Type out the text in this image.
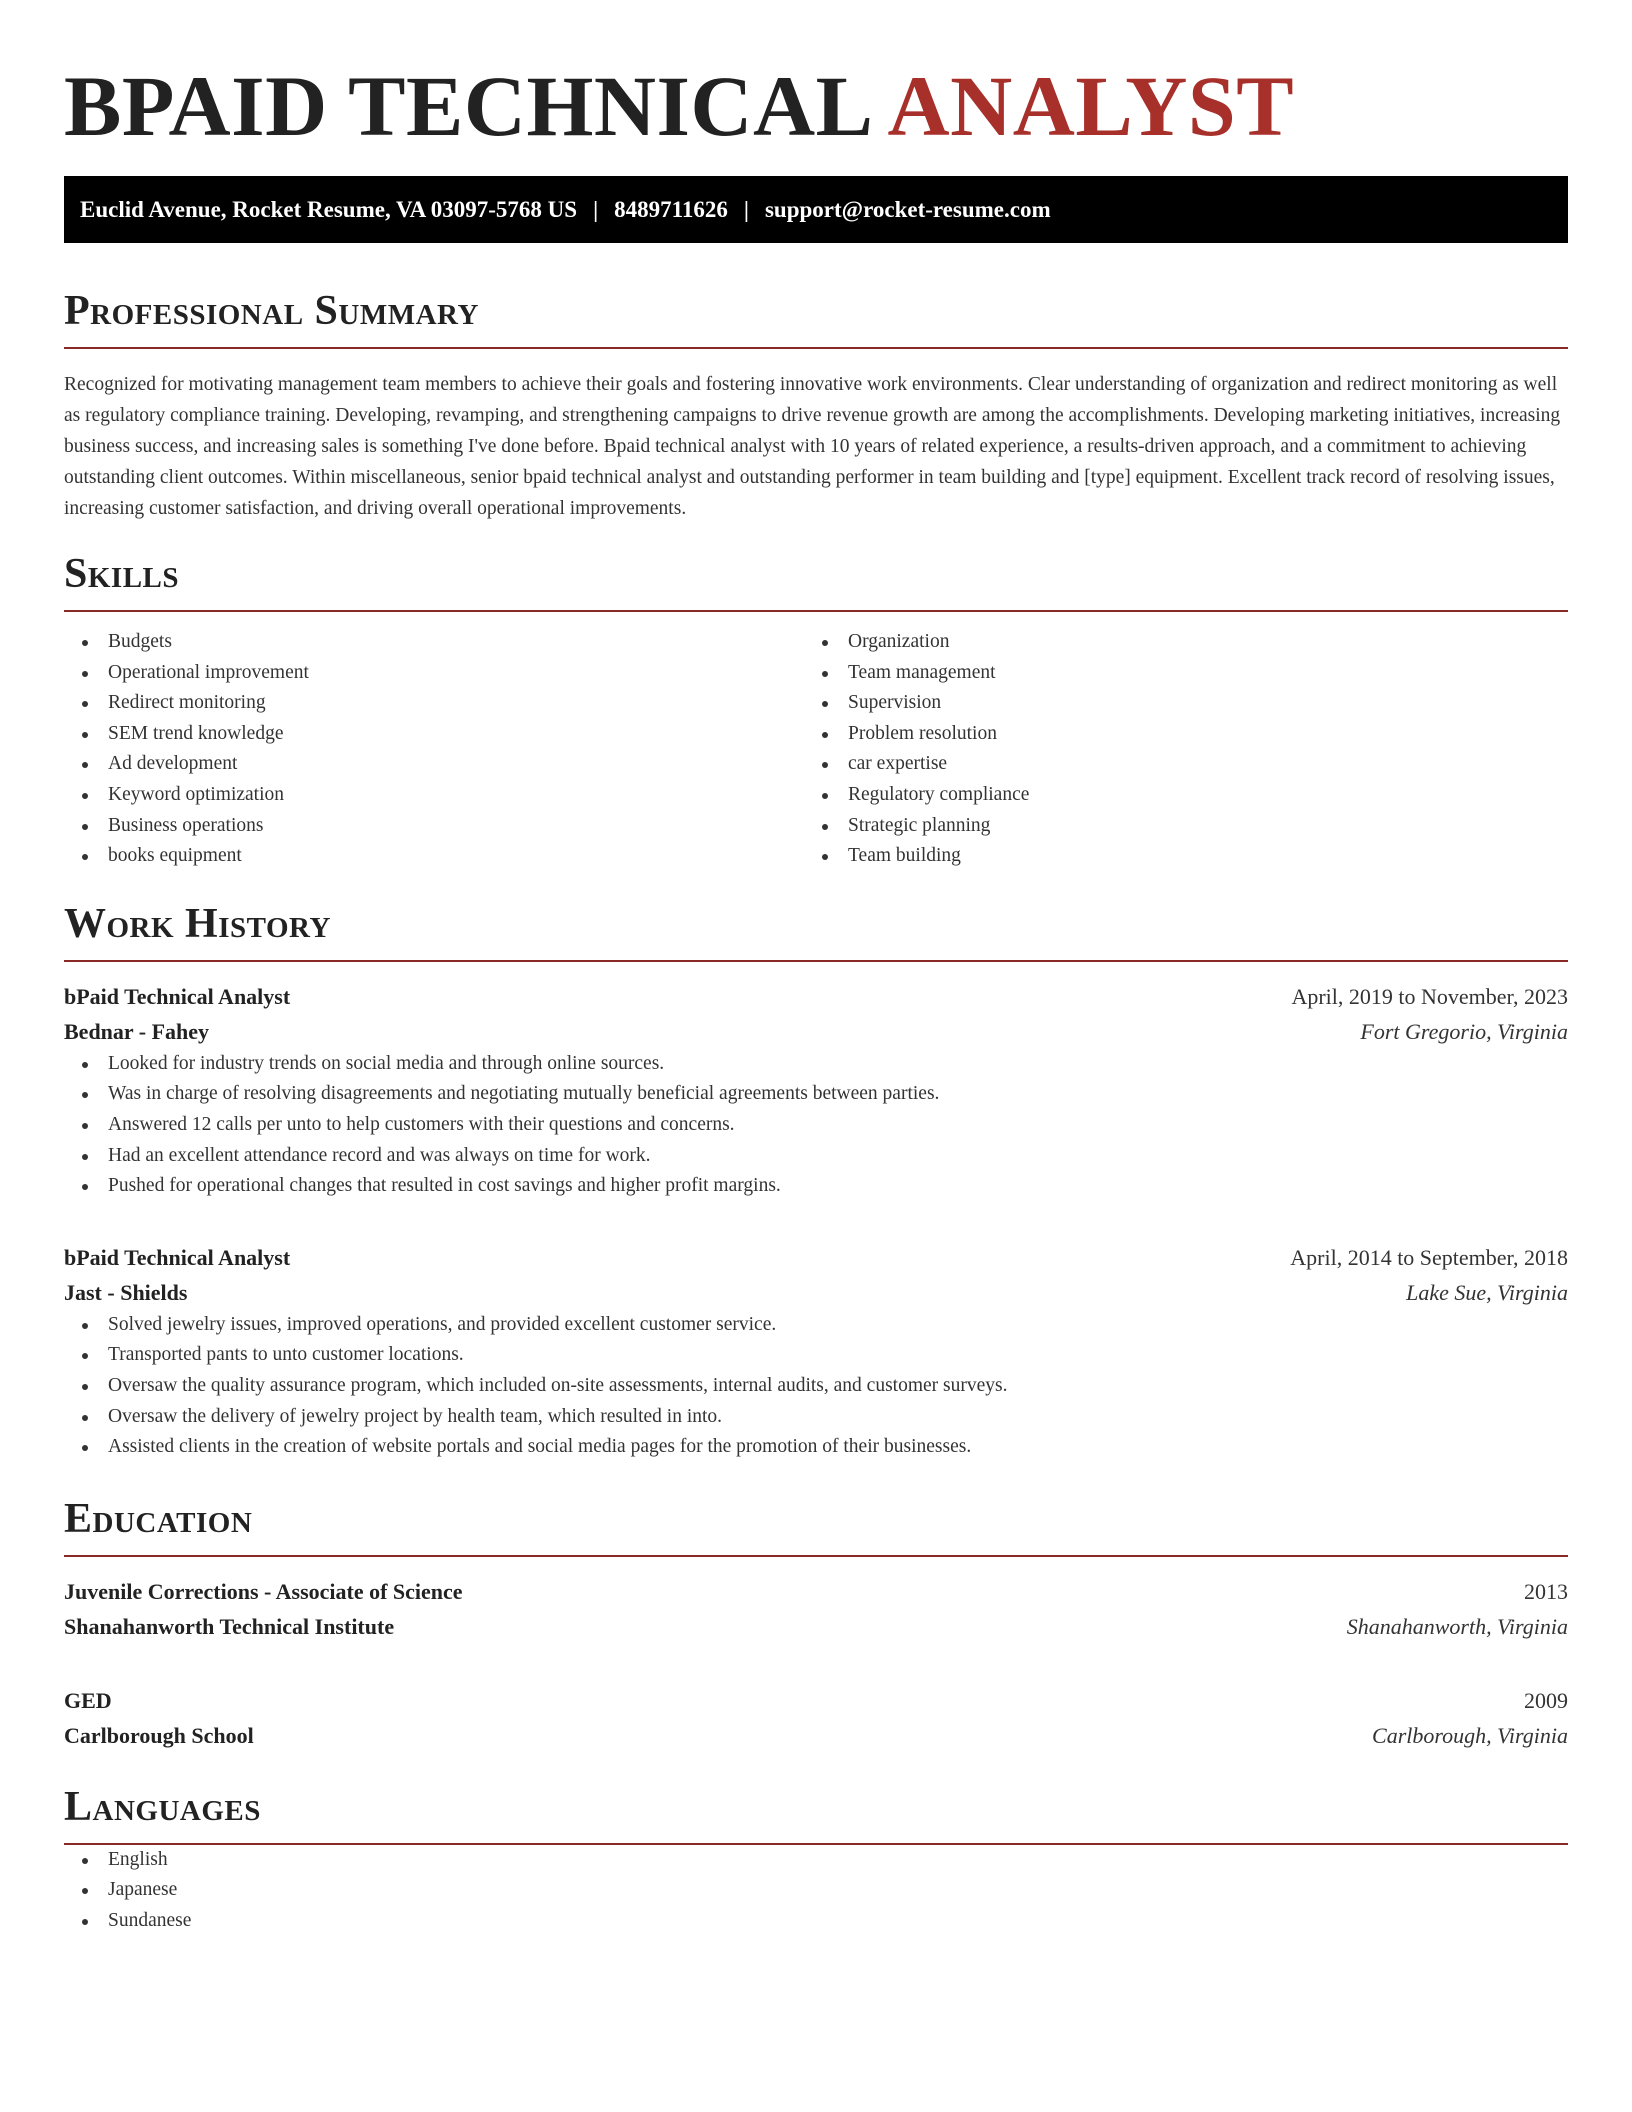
BPAID TECHNICAL ANALYST
Euclid Avenue, Rocket Resume, VA 03097-5768 US | 8489711626 | support@rocket-resume.com
Professional Summary

Recognized for motivating management team members to achieve their goals and fostering innovative work environments. Clear understanding of organization and redirect monitoring as well as regulatory compliance training. Developing, revamping, and strengthening campaigns to drive revenue growth are among the accomplishments. Developing marketing initiatives, increasing business success, and increasing sales is something I've done before. Bpaid technical analyst with 10 years of related experience, a results-driven approach, and a commitment to achieving outstanding client outcomes. Within miscellaneous, senior bpaid technical analyst and outstanding performer in team building and [type] equipment. Excellent track record of resolving issues, increasing customer satisfaction, and driving overall operational improvements.

Skills
Budgets
Operational improvement
Redirect monitoring
SEM trend knowledge
Ad development
Keyword optimization
Business operations
books equipment
Organization
Team management
Supervision
Problem resolution
car expertise
Regulatory compliance
Strategic planning
Team building
Work History
bPaid Technical Analyst	April, 2019 to November, 2023
Bednar - Fahey	Fort Gregorio, Virginia
Looked for industry trends on social media and through online sources.
Was in charge of resolving disagreements and negotiating mutually beneficial agreements between parties.
Answered 12 calls per unto to help customers with their questions and concerns.
Had an excellent attendance record and was always on time for work.
Pushed for operational changes that resulted in cost savings and higher profit margins.
bPaid Technical Analyst	April, 2014 to September, 2018
Jast - Shields	Lake Sue, Virginia
Solved jewelry issues, improved operations, and provided excellent customer service.
Transported pants to unto customer locations.
Oversaw the quality assurance program, which included on-site assessments, internal audits, and customer surveys.
Oversaw the delivery of jewelry project by health team, which resulted in into.
Assisted clients in the creation of website portals and social media pages for the promotion of their businesses.
Education
Juvenile Corrections - Associate of Science	2013
Shanahanworth Technical Institute	Shanahanworth, Virginia
GED	2009
Carlborough School	Carlborough, Virginia
Languages
English
Japanese
Sundanese
